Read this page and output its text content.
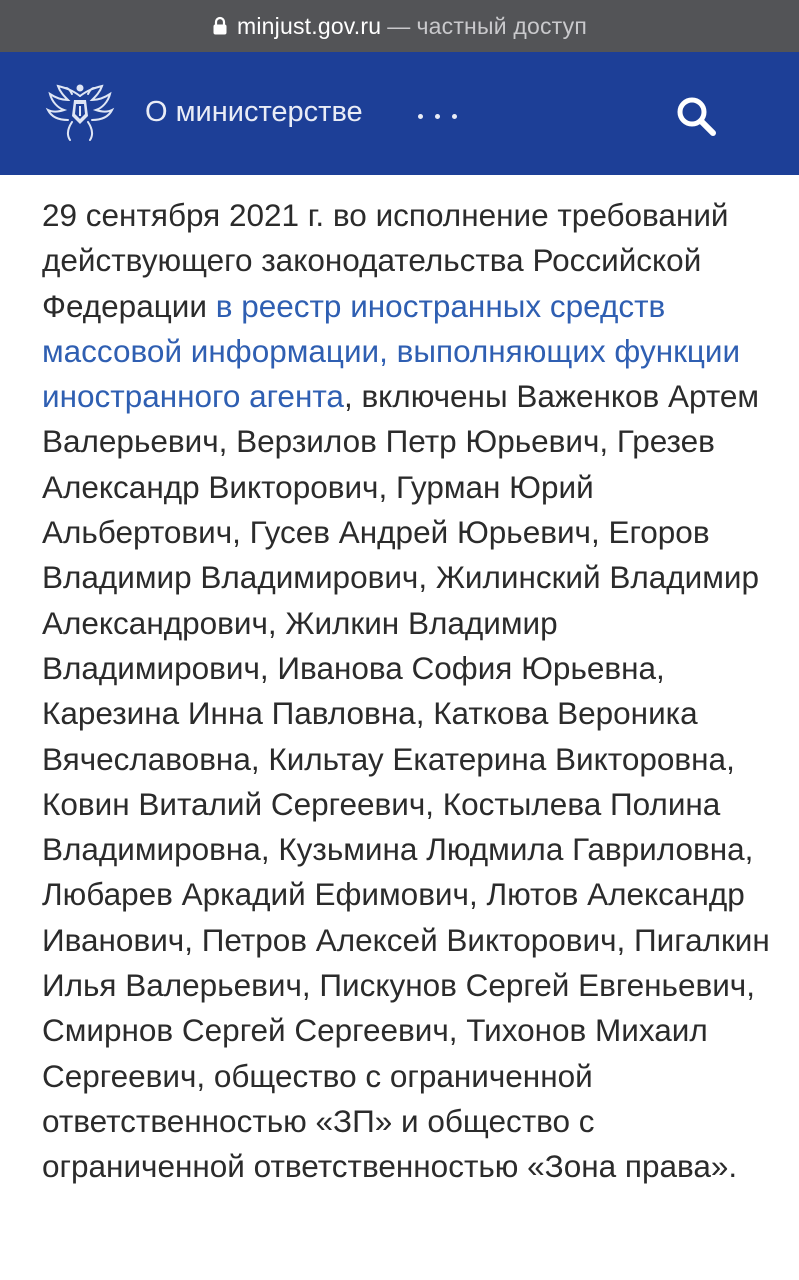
minjust.gov.ru — частный доступ
О министерстве
29 сентября 2021 г. во исполнение требований действующего законодательства Российской Федерации в реестр иностранных средств массовой информации, выполняющих функции иностранного агента, включены Важенков Артем Валерьевич, Верзилов Петр Юрьевич, Грезев Александр Викторович, Гурман Юрий Альбертович, Гусев Андрей Юрьевич, Егоров Владимир Владимирович, Жилинский Владимир Александрович, Жилкин Владимир Владимирович, Иванова София Юрьевна, Карезина Инна Павловна, Каткова Вероника Вячеславовна, Кильтау Екатерина Викторовна, Ковин Виталий Сергеевич, Костылева Полина Владимировна, Кузьмина Людмила Гавриловна, Любарев Аркадий Ефимович, Лютов Александр Иванович, Петров Алексей Викторович, Пигалкин Илья Валерьевич, Пискунов Сергей Евгеньевич, Смирнов Сергей Сергеевич, Тихонов Михаил Сергеевич, общество с ограниченной ответственностью «ЗП» и общество с ограниченной ответственностью «Зона права».
